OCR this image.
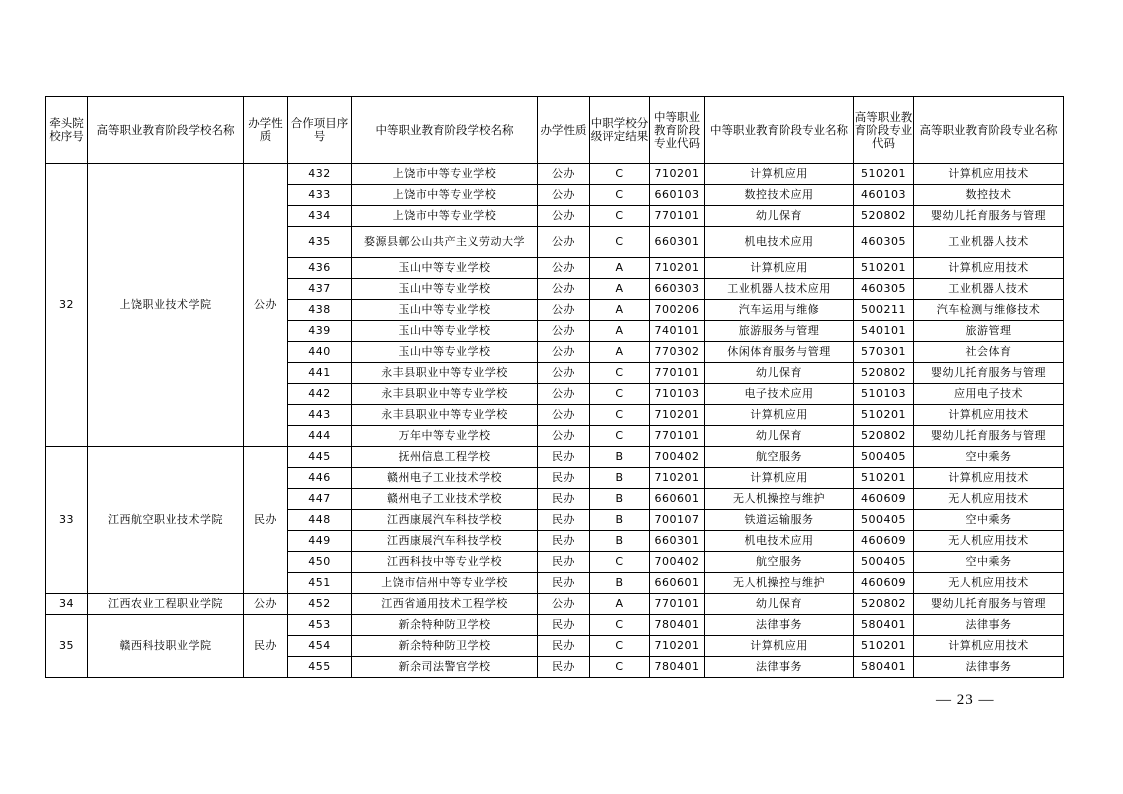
牵头院校序号	高等职业教育阶段学校名称	办学性质	合作项目序号	中等职业教育阶段学校名称	办学性质	中职学校分级评定结果	中等职业教育阶段专业代码	中等职业教育阶段专业名称	高等职业教育阶段专业代码	高等职业教育阶段专业名称
32	上饶职业技术学院	公办	432	上饶市中等专业学校	公办	C	710201	计算机应用	510201	计算机应用技术
			433	上饶市中等专业学校	公办	C	660103	数控技术应用	460103	数控技术
			434	上饶市中等专业学校	公办	C	770101	幼儿保育	520802	婴幼儿托育服务与管理
			435	婺源县鄣公山共产主义劳动大学	公办	C	660301	机电技术应用	460305	工业机器人技术
			436	玉山中等专业学校	公办	A	710201	计算机应用	510201	计算机应用技术
			437	玉山中等专业学校	公办	A	660303	工业机器人技术应用	460305	工业机器人技术
			438	玉山中等专业学校	公办	A	700206	汽车运用与维修	500211	汽车检测与维修技术
			439	玉山中等专业学校	公办	A	740101	旅游服务与管理	540101	旅游管理
			440	玉山中等专业学校	公办	A	770302	休闲体育服务与管理	570301	社会体育
			441	永丰县职业中等专业学校	公办	C	770101	幼儿保育	520802	婴幼儿托育服务与管理
			442	永丰县职业中等专业学校	公办	C	710103	电子技术应用	510103	应用电子技术
			443	永丰县职业中等专业学校	公办	C	710201	计算机应用	510201	计算机应用技术
			444	万年中等专业学校	公办	C	770101	幼儿保育	520802	婴幼儿托育服务与管理
33	江西航空职业技术学院	民办	445	抚州信息工程学校	民办	B	700402	航空服务	500405	空中乘务
			446	赣州电子工业技术学校	民办	B	710201	计算机应用	510201	计算机应用技术
			447	赣州电子工业技术学校	民办	B	660601	无人机操控与维护	460609	无人机应用技术
			448	江西康展汽车科技学校	民办	B	700107	铁道运输服务	500405	空中乘务
			449	江西康展汽车科技学校	民办	B	660301	机电技术应用	460609	无人机应用技术
			450	江西科技中等专业学校	民办	C	700402	航空服务	500405	空中乘务
			451	上饶市信州中等专业学校	民办	B	660601	无人机操控与维护	460609	无人机应用技术
34	江西农业工程职业学院	公办	452	江西省通用技术工程学校	公办	A	770101	幼儿保育	520802	婴幼儿托育服务与管理
35	赣西科技职业学院	民办	453	新余特种防卫学校	民办	C	780401	法律事务	580401	法律事务
			454	新余特种防卫学校	民办	C	710201	计算机应用	510201	计算机应用技术
			455	新余司法警官学校	民办	C	780401	法律事务	580401	法律事务
— 23 —
